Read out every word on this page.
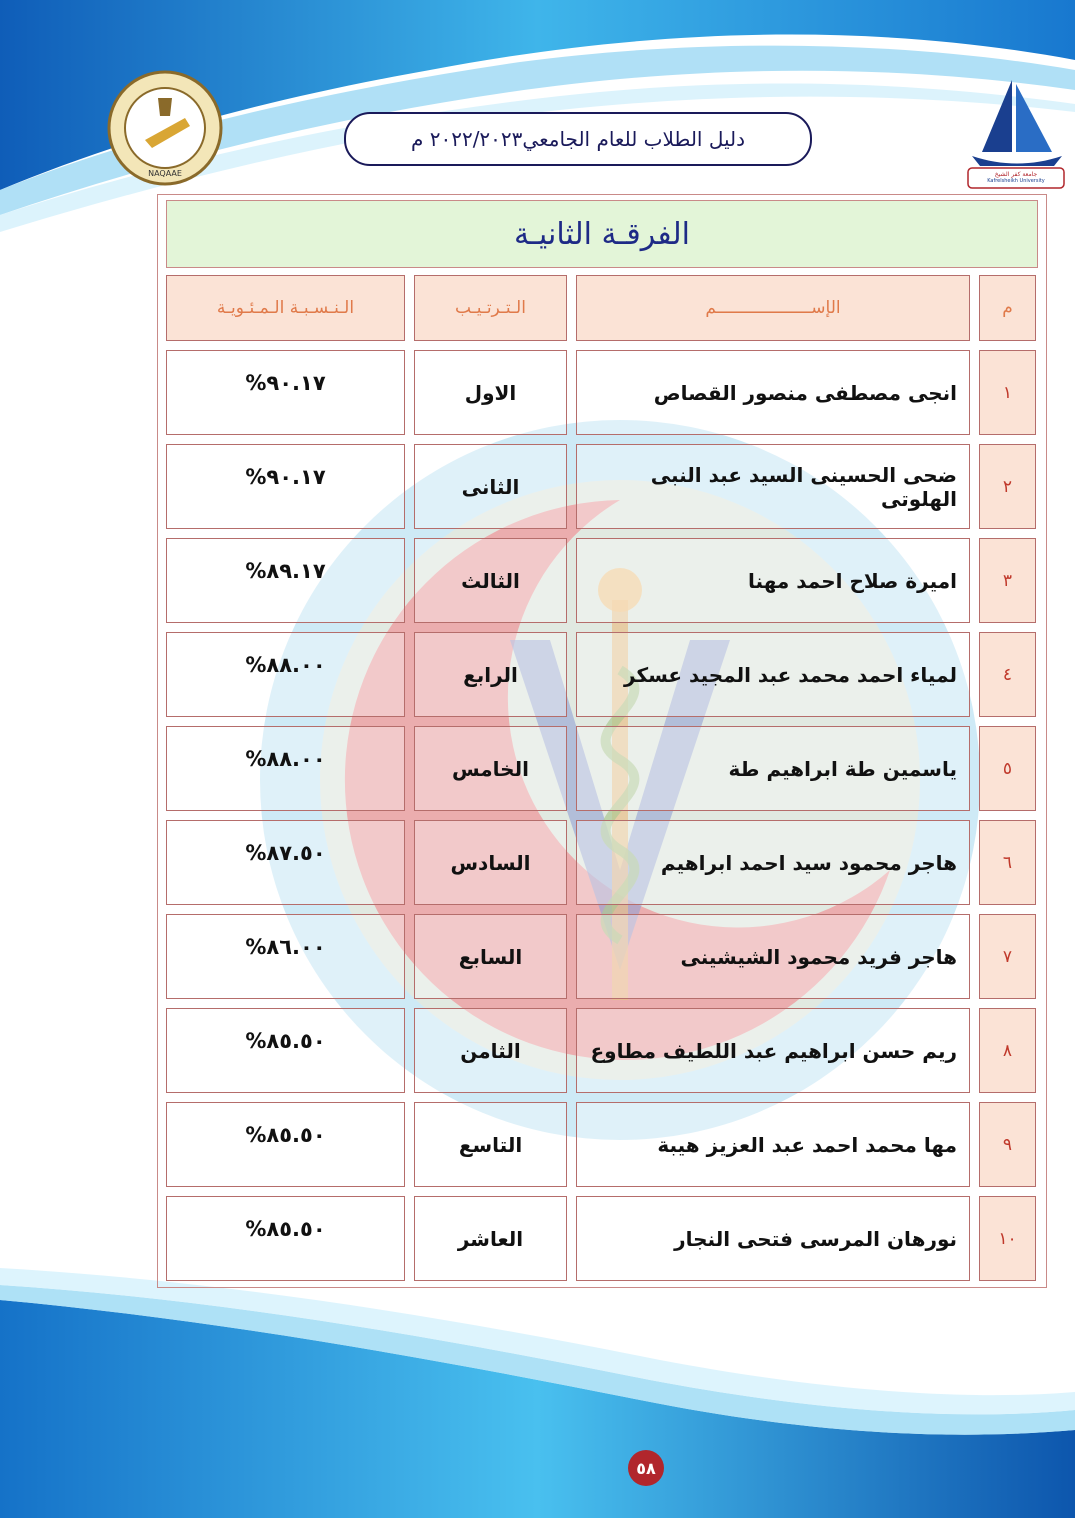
NAQAAE	جامعة كفر الشيخ
Kafrelsheikh University
دليل الطلاب للعام الجامعي٢٠٢٢/٢٠٢٣ م
الفرقـة الثانيـة
م
الإســـــــــــــــــــم
الـتـرتـيـب
الـنـسـبـة الـمـئـويـة
١
انجى مصطفى منصور القصاص
الاول
%٩٠.١٧
٢
ضحى الحسينى السيد عبد النبى الهلوتى
الثانى
%٩٠.١٧
٣
اميرة صلاح احمد مهنا
الثالث
%٨٩.١٧
٤
لمياء احمد محمد عبد المجيد عسكر
الرابع
%٨٨.٠٠
٥
ياسمين طة ابراهيم طة
الخامس
%٨٨.٠٠
٦
هاجر محمود سيد احمد ابراهيم
السادس
%٨٧.٥٠
٧
هاجر فريد محمود الشيشينى
السابع
%٨٦.٠٠
٨
ريم حسن ابراهيم عبد اللطيف مطاوع
الثامن
%٨٥.٥٠
٩
مها محمد احمد عبد العزيز هيبة
التاسع
%٨٥.٥٠
١٠
نورهان المرسى فتحى النجار
العاشر
%٨٥.٥٠
٥٨
